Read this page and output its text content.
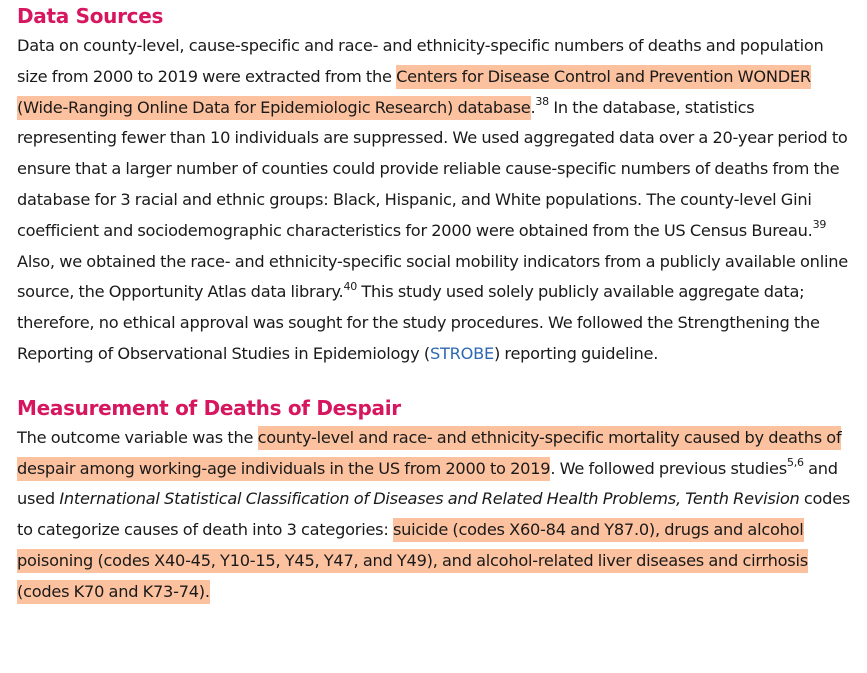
Data Sources

Data on county-level, cause-specific and race- and ethnicity-specific numbers of deaths and population size from 2000 to 2019 were extracted from the Centers for Disease Control and Prevention WONDER (Wide-Ranging Online Data for Epidemiologic Research) database.$^{38}$ In the database, statistics representing fewer than 10 individuals are suppressed. We used aggregated data over a 20-year period to ensure that a larger number of counties could provide reliable cause-specific numbers of deaths from the database for 3 racial and ethnic groups: Black, Hispanic, and White populations. The county-level Gini coefficient and sociodemographic characteristics for 2000 were obtained from the US Census Bureau.$^{39}$ Also, we obtained the race- and ethnicity-specific social mobility indicators from a publicly available online source, the Opportunity Atlas data library.$^{40}$ This study used solely publicly available aggregate data; therefore, no ethical approval was sought for the study procedures. We followed the Strengthening the Reporting of Observational Studies in Epidemiology (STROBE) reporting guideline.

Measurement of Deaths of Despair

The outcome variable was the county-level and race- and ethnicity-specific mortality caused by deaths of despair among working-age individuals in the US from 2000 to 2019. We followed previous studies$^{5,6}$ and used International Statistical Classification of Diseases and Related Health Problems, Tenth Revision codes to categorize causes of death into 3 categories: suicide (codes X60-84 and Y87.0), drugs and alcohol poisoning (codes X40-45, Y10-15, Y45, Y47, and Y49), and alcohol-related liver diseases and cirrhosis (codes K70 and K73-74).
